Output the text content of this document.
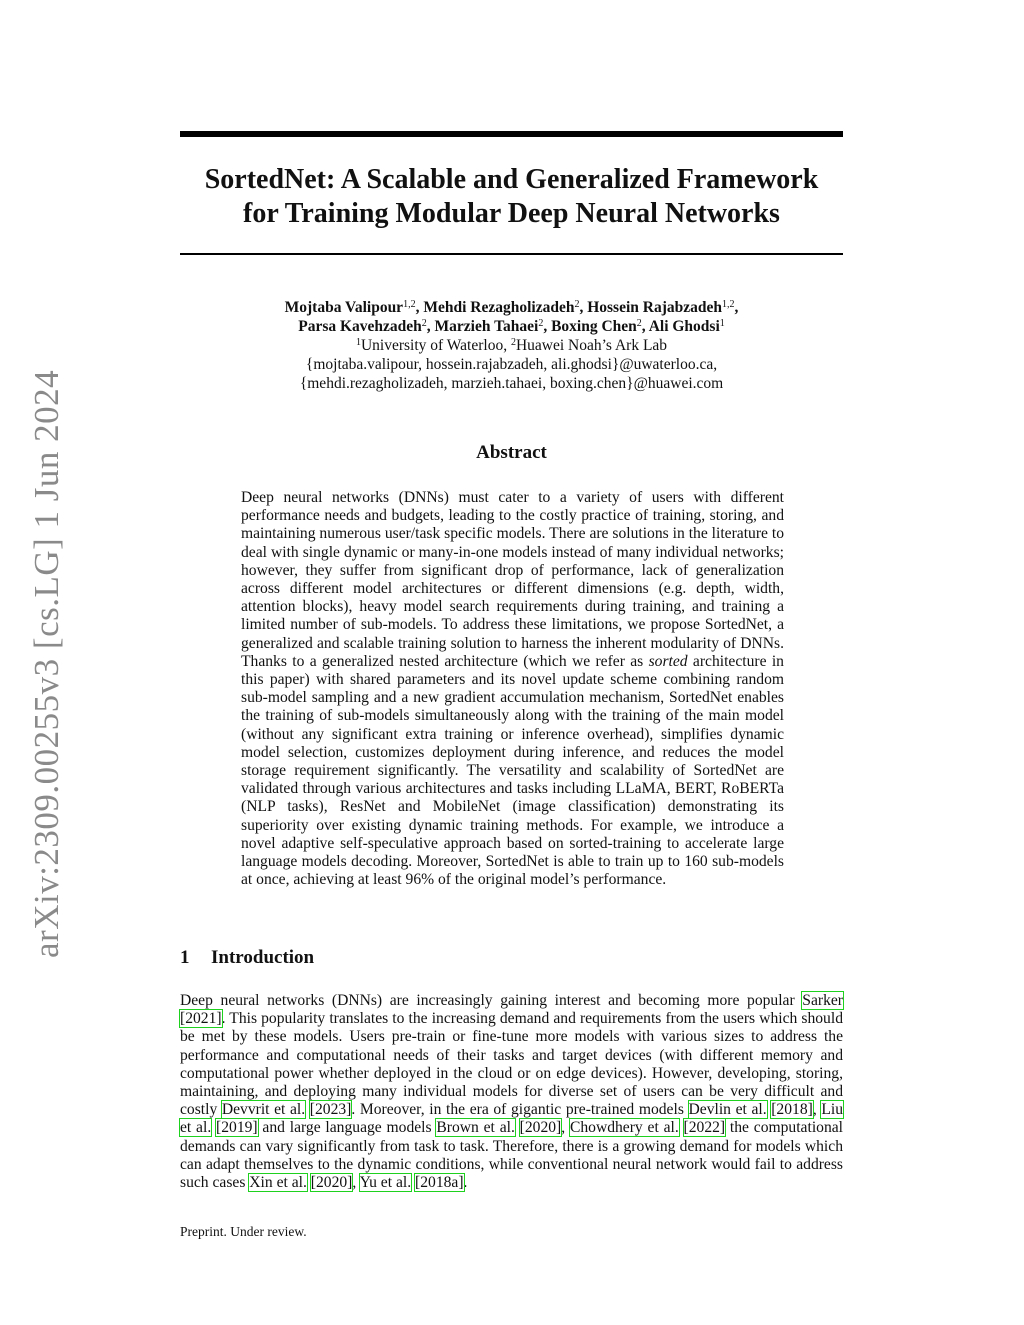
arXiv:2309.00255v3 [cs.LG] 1 Jun 2024
SortedNet: A Scalable and Generalized Framework
for Training Modular Deep Neural Networks
Mojtaba Valipour$^{1,2}$, Mehdi Rezagholizadeh$^2$, Hossein Rajabzadeh$^{1,2}$,
Parsa Kavehzadeh$^2$, Marzieh Tahaei$^2$, Boxing Chen$^2$, Ali Ghodsi$^1$
$^1$University of Waterloo, $^2$Huawei Noah’s Ark Lab
{mojtaba.valipour, hossein.rajabzadeh, ali.ghodsi}@uwaterloo.ca,
{mehdi.rezagholizadeh, marzieh.tahaei, boxing.chen}@huawei.com
Abstract
Deep neural networks (DNNs) must cater to a variety of users with different performance needs and budgets, leading to the costly practice of training, storing, and maintaining numerous user/task specific models. There are solutions in the literature to deal with single dynamic or many-in-one models instead of many individual networks; however, they suffer from significant drop of performance, lack of generalization across different model architectures or different dimensions (e.g. depth, width, attention blocks), heavy model search requirements during training, and training a limited number of sub-models. To address these limitations, we propose SortedNet, a generalized and scalable training solution to harness the inherent modularity of DNNs. Thanks to a generalized nested architecture (which we refer as sorted architecture in this paper) with shared parameters and its novel update scheme combining random sub-model sampling and a new gradient accumulation mechanism, SortedNet enables the training of sub-models simultaneously along with the training of the main model (without any significant extra training or inference overhead), simplifies dynamic model selection, customizes deployment during inference, and reduces the model storage requirement significantly. The versatility and scalability of SortedNet are validated through various architectures and tasks including LLaMA, BERT, RoBERTa (NLP tasks), ResNet and MobileNet (image classification) demonstrating its superiority over existing dynamic training methods. For example, we introduce a novel adaptive self-speculative approach based on sorted-training to accelerate large language models decoding. Moreover, SortedNet is able to train up to 160 sub-models at once, achieving at least 96% of the original model’s performance.
1 Introduction
Deep neural networks (DNNs) are increasingly gaining interest and becoming more popular Sarker [2021]. This popularity translates to the increasing demand and requirements from the users which should be met by these models. Users pre-train or fine-tune more models with various sizes to address the performance and computational needs of their tasks and target devices (with different memory and computational power whether deployed in the cloud or on edge devices). However, developing, storing, maintaining, and deploying many individual models for diverse set of users can be very difficult and costly Devvrit et al. [2023]. Moreover, in the era of gigantic pre-trained models Devlin et al. [2018], Liu et al. [2019] and large language models Brown et al. [2020], Chowdhery et al. [2022] the computational demands can vary significantly from task to task. Therefore, there is a growing demand for models which can adapt themselves to the dynamic conditions, while conventional neural network would fail to address such cases Xin et al. [2020], Yu et al. [2018a].
Preprint. Under review.
